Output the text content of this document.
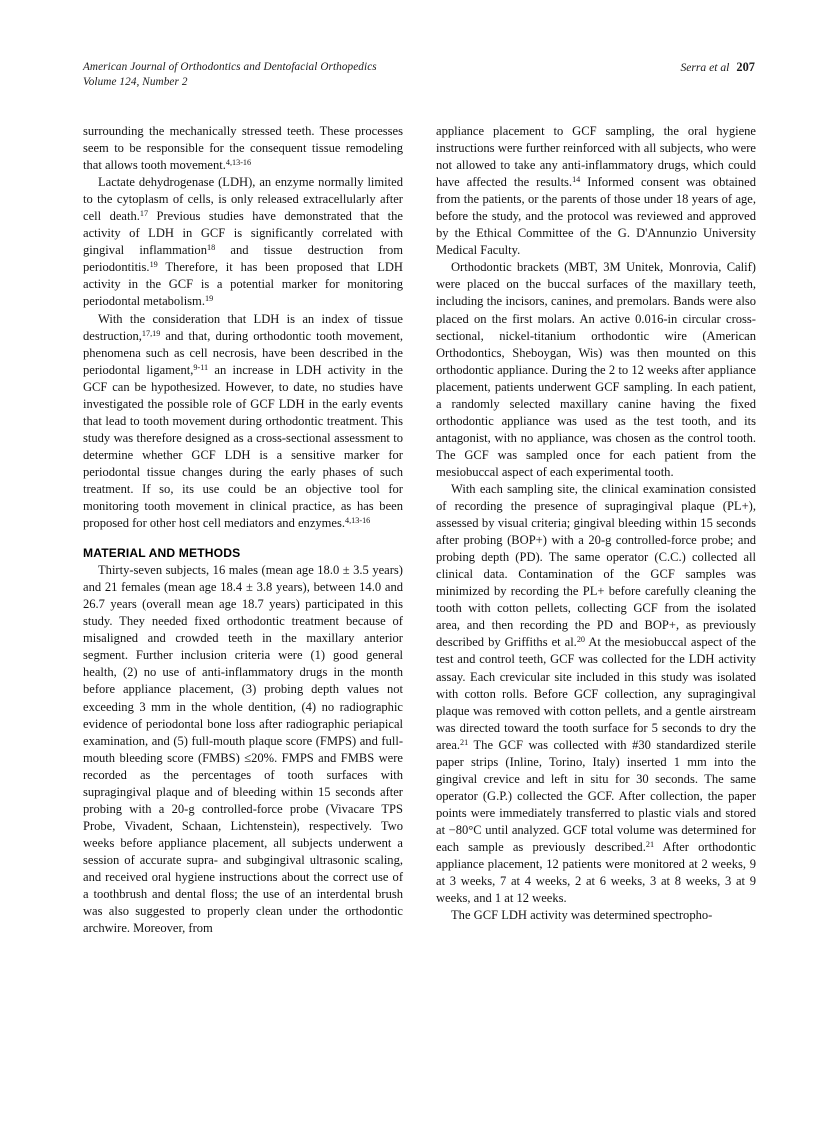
American Journal of Orthodontics and Dentofacial Orthopedics
Volume 124, Number 2
Serra et al 207

surrounding the mechanically stressed teeth. These processes seem to be responsible for the consequent tissue remodeling that allows tooth movement.$^{4,13-16}$

Lactate dehydrogenase (LDH), an enzyme normally limited to the cytoplasm of cells, is only released extracellularly after cell death.$^{17}$ Previous studies have demonstrated that the activity of LDH in GCF is significantly correlated with gingival inflammation$^{18}$ and tissue destruction from periodontitis.$^{19}$ Therefore, it has been proposed that LDH activity in the GCF is a potential marker for monitoring periodontal metabolism.$^{19}$

With the consideration that LDH is an index of tissue destruction,$^{17,19}$ and that, during orthodontic tooth movement, phenomena such as cell necrosis, have been described in the periodontal ligament,$^{9-11}$ an increase in LDH activity in the GCF can be hypothesized. However, to date, no studies have investigated the possible role of GCF LDH in the early events that lead to tooth movement during orthodontic treatment. This study was therefore designed as a cross-sectional assessment to determine whether GCF LDH is a sensitive marker for periodontal tissue changes during the early phases of such treatment. If so, its use could be an objective tool for monitoring tooth movement in clinical practice, as has been proposed for other host cell mediators and enzymes.$^{4,13-16}$

MATERIAL AND METHODS

Thirty-seven subjects, 16 males (mean age 18.0 ± 3.5 years) and 21 females (mean age 18.4 ± 3.8 years), between 14.0 and 26.7 years (overall mean age 18.7 years) participated in this study. They needed fixed orthodontic treatment because of misaligned and crowded teeth in the maxillary anterior segment. Further inclusion criteria were (1) good general health, (2) no use of anti-inflammatory drugs in the month before appliance placement, (3) probing depth values not exceeding 3 mm in the whole dentition, (4) no radiographic evidence of periodontal bone loss after radiographic periapical examination, and (5) full-mouth plaque score (FMPS) and full-mouth bleeding score (FMBS) ≤20%. FMPS and FMBS were recorded as the percentages of tooth surfaces with supragingival plaque and of bleeding within 15 seconds after probing with a 20-g controlled-force probe (Vivacare TPS Probe, Vivadent, Schaan, Lichtenstein), respectively. Two weeks before appliance placement, all subjects underwent a session of accurate supra- and subgingival ultrasonic scaling, and received oral hygiene instructions about the correct use of a toothbrush and dental floss; the use of an interdental brush was also suggested to properly clean under the orthodontic archwire. Moreover, from

appliance placement to GCF sampling, the oral hygiene instructions were further reinforced with all subjects, who were not allowed to take any anti-inflammatory drugs, which could have affected the results.$^{14}$ Informed consent was obtained from the patients, or the parents of those under 18 years of age, before the study, and the protocol was reviewed and approved by the Ethical Committee of the G. D'Annunzio University Medical Faculty.

Orthodontic brackets (MBT, 3M Unitek, Monrovia, Calif) were placed on the buccal surfaces of the maxillary teeth, including the incisors, canines, and premolars. Bands were also placed on the first molars. An active 0.016-in circular cross-sectional, nickel-titanium orthodontic wire (American Orthodontics, Sheboygan, Wis) was then mounted on this orthodontic appliance. During the 2 to 12 weeks after appliance placement, patients underwent GCF sampling. In each patient, a randomly selected maxillary canine having the fixed orthodontic appliance was used as the test tooth, and its antagonist, with no appliance, was chosen as the control tooth. The GCF was sampled once for each patient from the mesiobuccal aspect of each experimental tooth.

With each sampling site, the clinical examination consisted of recording the presence of supragingival plaque (PL+), assessed by visual criteria; gingival bleeding within 15 seconds after probing (BOP+) with a 20-g controlled-force probe; and probing depth (PD). The same operator (C.C.) collected all clinical data. Contamination of the GCF samples was minimized by recording the PL+ before carefully cleaning the tooth with cotton pellets, collecting GCF from the isolated area, and then recording the PD and BOP+, as previously described by Griffiths et al.$^{20}$ At the mesiobuccal aspect of the test and control teeth, GCF was collected for the LDH activity assay. Each crevicular site included in this study was isolated with cotton rolls. Before GCF collection, any supragingival plaque was removed with cotton pellets, and a gentle airstream was directed toward the tooth surface for 5 seconds to dry the area.$^{21}$ The GCF was collected with #30 standardized sterile paper strips (Inline, Torino, Italy) inserted 1 mm into the gingival crevice and left in situ for 30 seconds. The same operator (G.P.) collected the GCF. After collection, the paper points were immediately transferred to plastic vials and stored at −80°C until analyzed. GCF total volume was determined for each sample as previously described.$^{21}$ After orthodontic appliance placement, 12 patients were monitored at 2 weeks, 9 at 3 weeks, 7 at 4 weeks, 2 at 6 weeks, 3 at 8 weeks, 3 at 9 weeks, and 1 at 12 weeks.

The GCF LDH activity was determined spectropho-
